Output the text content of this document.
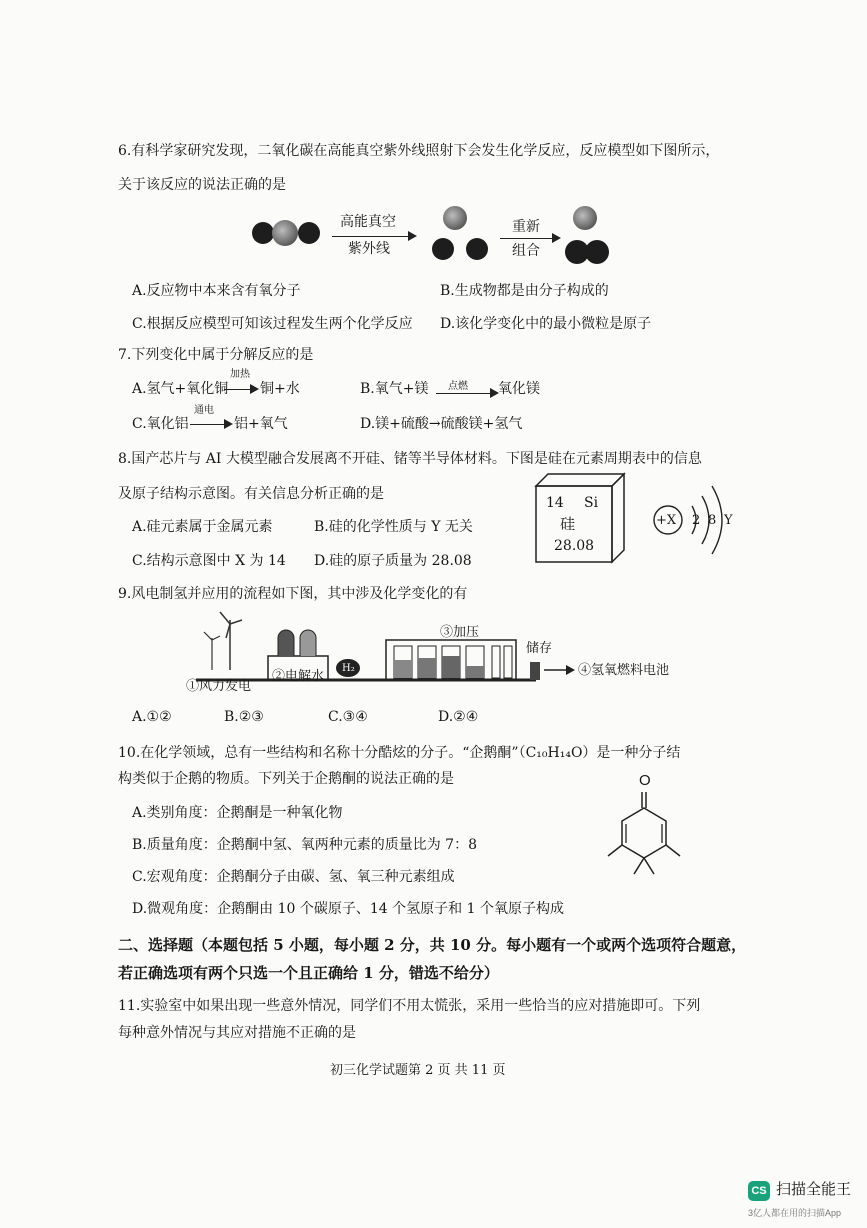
6.有科学家研究发现，二氧化碳在高能真空紫外线照射下会发生化学反应，反应模型如下图所示，
关于该反应的说法正确的是
高能真空
紫外线
重新
组合
A.反应物中本来含有氧分子	B.生成物都是由分子构成的
C.根据反应模型可知该过程发生两个化学反应 D.该化学变化中的最小微粒是原子
7.下列变化中属于分解反应的是
A.氢气+氧化铜
加热
铜+水	B.氧气+镁 点燃 氧化镁
C.氧化铝
通电
铝+氧气	D.镁+硫酸→硫酸镁+氢气
8.国产芯片与 AI 大模型融合发展离不开硅、锗等半导体材料。下图是硅在元素周期表中的信息
及原子结构示意图。有关信息分析正确的是
A.硅元素属于金属元素	B.硅的化学性质与 Y 无关
C.结构示意图中 X 为 14 D.硅的原子质量为 28.08
14 Si
硅
28.08
+X 2 8 Y
9.风电制氢并应用的流程如下图，其中涉及化学变化的有
①风力发电
②电解水
H₂
③加压
储存
④氢氧燃料电池
A.①②	B.②③	C.③④	D.②④
10.在化学领域，总有一些结构和名称十分酷炫的分子。“企鹅酮”（C₁₀H₁₄O）是一种分子结
构类似于企鹅的物质。下列关于企鹅酮的说法正确的是
A.类别角度：企鹅酮是一种氧化物
B.质量角度：企鹅酮中氢、氧两种元素的质量比为 7：8
C.宏观角度：企鹅酮分子由碳、氢、氧三种元素组成
D.微观角度：企鹅酮由 10 个碳原子、14 个氢原子和 1 个氧原子构成
O
二、选择题（本题包括 5 小题，每小题 2 分，共 10 分。每小题有一个或两个选项符合题意，
若正确选项有两个只选一个且正确给 1 分，错选不给分）
11.实验室中如果出现一些意外情况，同学们不用太慌张，采用一些恰当的应对措施即可。下列
每种意外情况与其应对措施不正确的是
初三化学试题第 2 页 共 11 页
CS 扫描全能王
3亿人都在用的扫描App
